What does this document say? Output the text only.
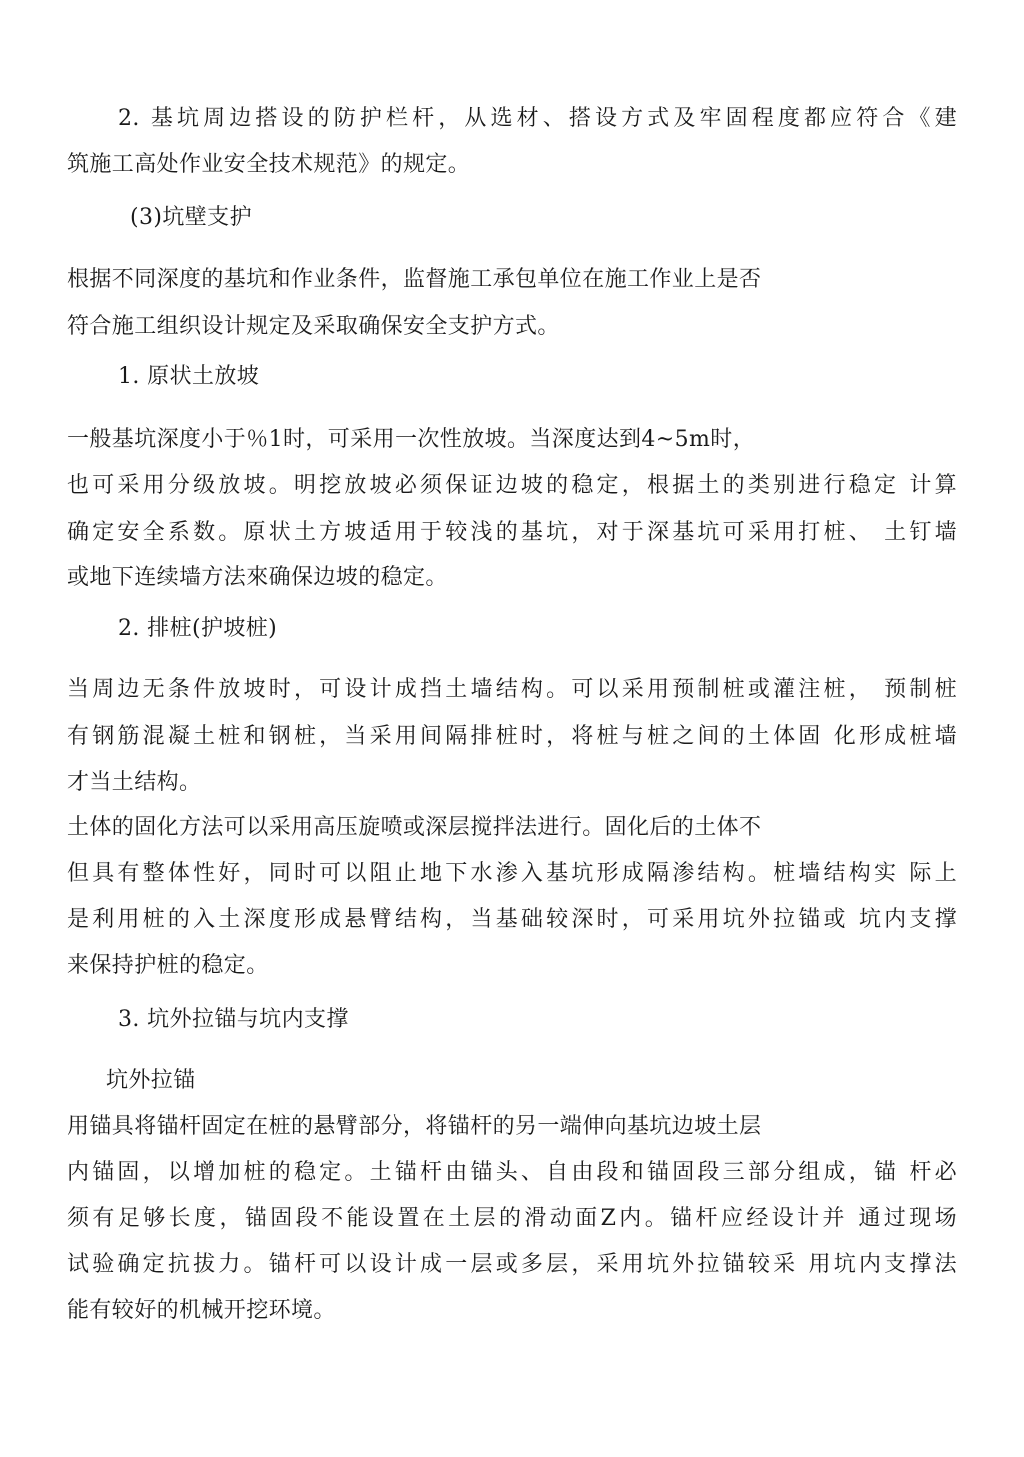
2. 基坑周边搭设的防护栏杆，从选材、搭设方式及牢固程度都应符合《建
筑施工高处作业安全技术规范》的规定。
(3)坑壁支护
根据不同深度的基坑和作业条件，监督施工承包单位在施工作业上是否
符合施工组织设计规定及采取确保安全支护方式。
1. 原状土放坡
一般基坑深度小于％1时，可采用一次性放坡。当深度达到4~5m时，
也可采用分级放坡。明挖放坡必须保证边坡的稳定，根据土的类别进行稳定 计算
确定安全系数。原状土方坡适用于较浅的基坑，对于深基坑可采用打桩、 土钉墙
或地下连续墙方法來确保边坡的稳定。
2. 排桩(护坡桩)
当周边无条件放坡时，可设计成挡土墙结构。可以采用预制桩或灌注桩， 预制桩
有钢筋混凝土桩和钢桩，当采用间隔排桩时，将桩与桩之间的土体固 化形成桩墙
才当土结构。
土体的固化方法可以采用高压旋喷或深层搅拌法进行。固化后的土体不
但具有整体性好，同时可以阻止地下水渗入基坑形成隔渗结构。桩墙结构实 际上
是利用桩的入土深度形成悬臂结构，当基础较深时，可采用坑外拉锚或 坑内支撑
来保持护桩的稳定。
3. 坑外拉锚与坑内支撑
坑外拉锚
用锚具将锚杆固定在桩的悬臂部分，将锚杆的另一端伸向基坑边坡土层
内锚固，以增加桩的稳定。土锚杆由锚头、自由段和锚固段三部分组成，锚 杆必
须有足够长度，锚固段不能设置在土层的滑动面Z内。锚杆应经设计并 通过现场
试验确定抗拔力。锚杆可以设计成一层或多层，采用坑外拉锚较采 用坑内支撑法
能有较好的机械开挖环境。
